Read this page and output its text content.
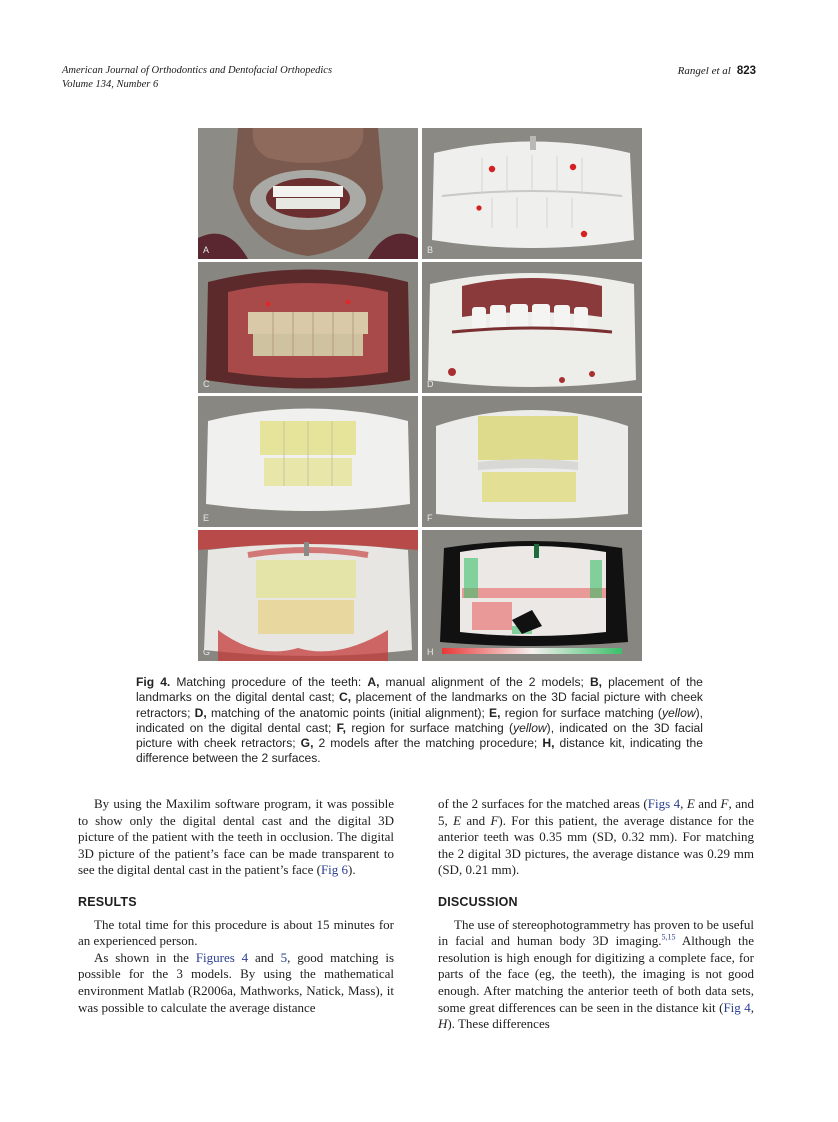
American Journal of Orthodontics and Dentofacial Orthopedics
Volume 134, Number 6
Rangel et al 823
A	B
C	D
E	F
G	H
Fig 4. Matching procedure of the teeth: A, manual alignment of the 2 models; B, placement of the landmarks on the digital dental cast; C, placement of the landmarks on the 3D facial picture with cheek retractors; D, matching of the anatomic points (initial alignment); E, region for surface matching (yellow), indicated on the digital dental cast; F, region for surface matching (yellow), indicated on the 3D facial picture with cheek retractors; G, 2 models after the matching procedure; H, distance kit, indicating the difference between the 2 surfaces.

By using the Maxilim software program, it was possible to show only the digital dental cast and the digital 3D picture of the patient with the teeth in occlusion. The digital 3D picture of the patient’s face can be made transparent to see the digital dental cast in the patient’s face (Fig 6).

RESULTS

The total time for this procedure is about 15 minutes for an experienced person.

As shown in the Figures 4 and 5, good matching is possible for the 3 models. By using the mathematical environment Matlab (R2006a, Mathworks, Natick, Mass), it was possible to calculate the average distance

of the 2 surfaces for the matched areas (Figs 4, E and F, and 5, E and F). For this patient, the average distance for the anterior teeth was 0.35 mm (SD, 0.32 mm). For matching the 2 digital 3D pictures, the average distance was 0.29 mm (SD, 0.21 mm).

DISCUSSION

The use of stereophotogrammetry has proven to be useful in facial and human body 3D imaging.$^{5,15}$ Although the resolution is high enough for digitizing a complete face, for parts of the face (eg, the teeth), the imaging is not good enough. After matching the anterior teeth of both data sets, some great differences can be seen in the distance kit (Fig 4, H). These differences
